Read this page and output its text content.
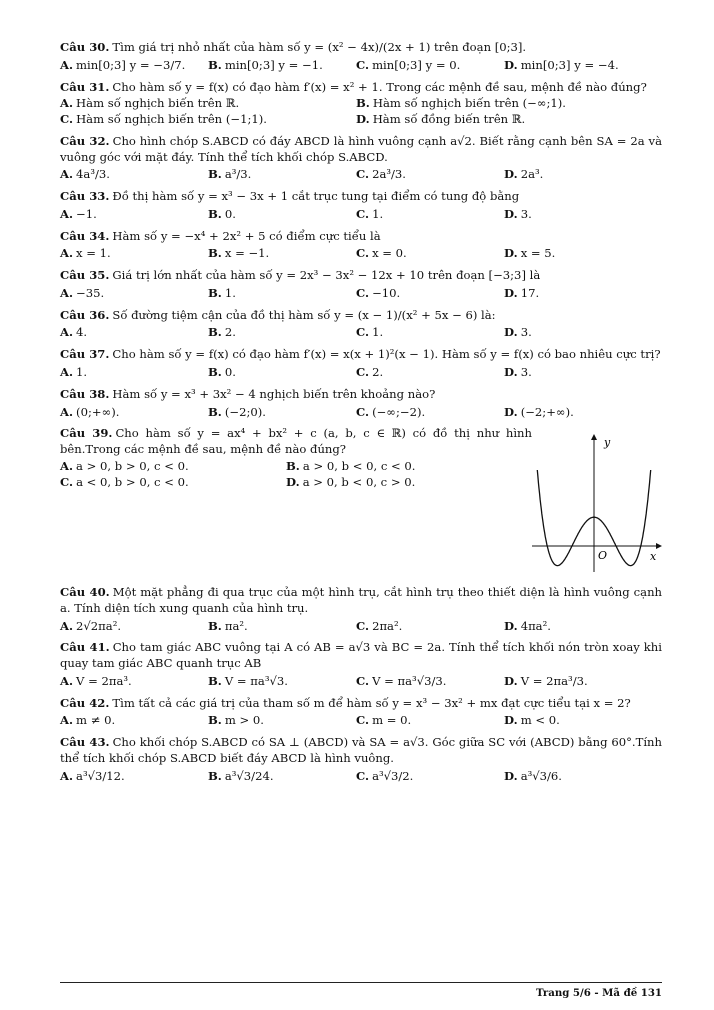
Câu 30. Tìm giá trị nhỏ nhất của hàm số y = (x² − 4x)/(2x + 1) trên đoạn [0;3].
A. min[0;3] y = −3/7.	B. min[0;3] y = −1.	C. min[0;3] y = 0.	D. min[0;3] y = −4.
Câu 31. Cho hàm số y = f(x) có đạo hàm f′(x) = x² + 1. Trong các mệnh đề sau, mệnh đề nào đúng?
A. Hàm số nghịch biến trên ℝ.	B. Hàm số nghịch biến trên (−∞;1).
C. Hàm số nghịch biến trên (−1;1).	D. Hàm số đồng biến trên ℝ.
Câu 32. Cho hình chóp S.ABCD có đáy ABCD là hình vuông cạnh a√2. Biết rằng cạnh bên SA = 2a và vuông góc với mặt đáy. Tính thể tích khối chóp S.ABCD.
A. 4a³/3.	B. a³/3.	C. 2a³/3.	D. 2a³.
Câu 33. Đồ thị hàm số y = x³ − 3x + 1 cắt trục tung tại điểm có tung độ bằng
A. −1.	B. 0.	C. 1.	D. 3.
Câu 34. Hàm số y = −x⁴ + 2x² + 5 có điểm cực tiểu là
A. x = 1.	B. x = −1.	C. x = 0.	D. x = 5.
Câu 35. Giá trị lớn nhất của hàm số y = 2x³ − 3x² − 12x + 10 trên đoạn [−3;3] là
A. −35.	B. 1.	C. −10.	D. 17.
Câu 36. Số đường tiệm cận của đồ thị hàm số y = (x − 1)/(x² + 5x − 6) là:
A. 4.	B. 2.	C. 1.	D. 3.
Câu 37. Cho hàm số y = f(x) có đạo hàm f′(x) = x(x + 1)²(x − 1). Hàm số y = f(x) có bao nhiêu cực trị?
A. 1.	B. 0.	C. 2.	D. 3.
Câu 38. Hàm số y = x³ + 3x² − 4 nghịch biến trên khoảng nào?
A. (0;+∞).	B. (−2;0).	C. (−∞;−2).	D. (−2;+∞).
Câu 39. Cho hàm số y = ax⁴ + bx² + c (a, b, c ∈ ℝ) có đồ thị như hình bên.Trong các mệnh đề sau, mệnh đề nào đúng?
A. a > 0, b > 0, c < 0.	B. a > 0, b < 0, c < 0.
C. a < 0, b > 0, c < 0.	D. a > 0, b < 0, c > 0.
y
x
O
Câu 40. Một mặt phẳng đi qua trục của một hình trụ, cắt hình trụ theo thiết diện là hình vuông cạnh a. Tính diện tích xung quanh của hình trụ.
A. 2√2πa².	B. πa².	C. 2πa².	D. 4πa².
Câu 41. Cho tam giác ABC vuông tại A có AB = a√3 và BC = 2a. Tính thể tích khối nón tròn xoay khi quay tam giác ABC quanh trục AB
A. V = 2πa³.	B. V = πa³√3.	C. V = πa³√3/3.	D. V = 2πa³/3.
Câu 42. Tìm tất cả các giá trị của tham số m để hàm số y = x³ − 3x² + mx đạt cực tiểu tại x = 2?
A. m ≠ 0.	B. m > 0.	C. m = 0.	D. m < 0.
Câu 43. Cho khối chóp S.ABCD có SA ⊥ (ABCD) và SA = a√3. Góc giữa SC với (ABCD) bằng 60°.Tính thể tích khối chóp S.ABCD biết đáy ABCD là hình vuông.
A. a³√3/12.	B. a³√3/24.	C. a³√3/2.	D. a³√3/6.
Trang 5/6 - Mã đề 131
